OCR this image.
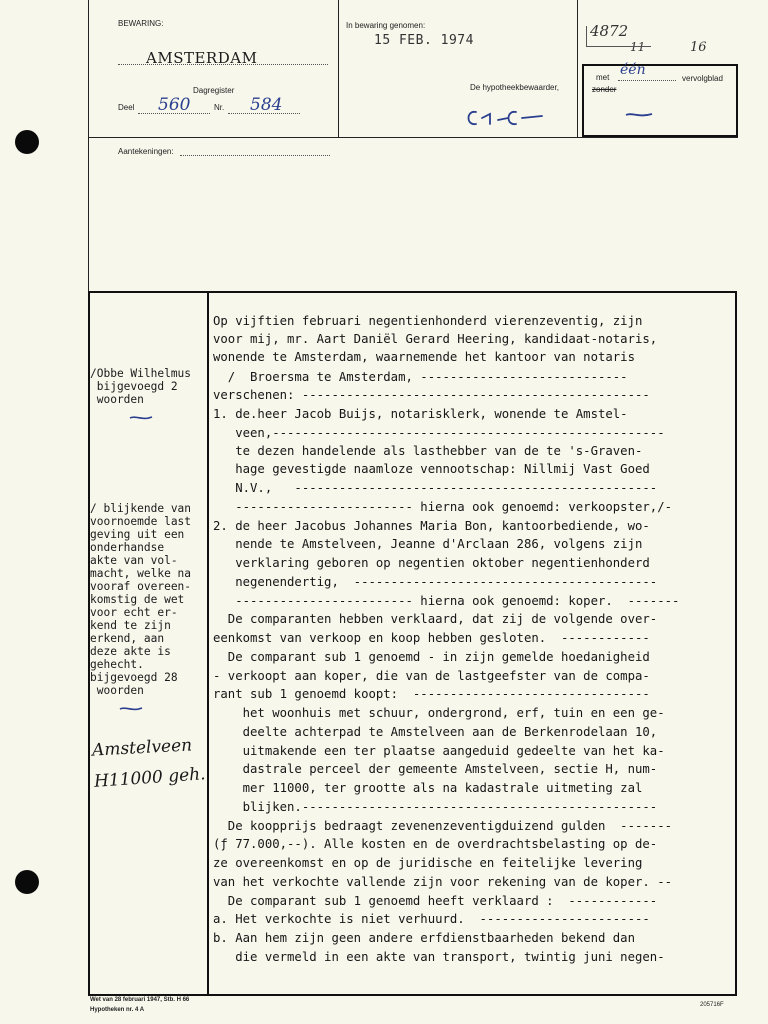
BEWARING:
AMSTERDAM
Dagregister
Deel 560	Nr. 584
In bewaring genomen:
15 FEB. 1974
De hypotheekbewaarder,
4872
11	16
met één
zonder
vervolgblad
Aantekeningen:
/Obbe Wilhelmus
bijgevoegd 2
woorden
/ blijkende van
voornoemde last
geving uit een
onderhandse
akte van vol-
macht, welke na
vooraf overeen-
komstig de wet
voor echt er-
kend te zijn
erkend, aan
deze akte is
gehecht.
bijgevoegd 28
woorden
Amstelveen
H11000 geh.
Op vijftien februari negentienhonderd vierenzeventig, zijn
voor mij, mr. Aart Daniël Gerard Heering, kandidaat-notaris,
wonende te Amsterdam, waarnemende het kantoor van notaris
/  Broersma te Amsterdam, ----------------------------
verschenen: -----------------------------------------------
1. de.heer Jacob Buijs, notarisklerk, wonende te Amstel-
veen,-----------------------------------------------------
te dezen handelende als lasthebber van de te 's-Graven-
hage gevestigde naamloze vennootschap: Nillmij Vast Goed
N.V.,   -------------------------------------------------
------------------------ hierna ook genoemd: verkoopster,/-
2. de heer Jacobus Johannes Maria Bon, kantoorbediende, wo-
nende te Amstelveen, Jeanne d'Arclaan 286, volgens zijn
verklaring geboren op negentien oktober negentienhonderd
negenendertig,  -----------------------------------------
------------------------ hierna ook genoemd: koper.  -------
De comparanten hebben verklaard, dat zij de volgende over-
eenkomst van verkoop en koop hebben gesloten.  ------------
De comparant sub 1 genoemd - in zijn gemelde hoedanigheid
- verkoopt aan koper, die van de lastgeefster van de compa-
rant sub 1 genoemd koopt:  --------------------------------
het woonhuis met schuur, ondergrond, erf, tuin en een ge-
deelte achterpad te Amstelveen aan de Berkenrodelaan 10,
uitmakende een ter plaatse aangeduid gedeelte van het ka-
dastrale perceel der gemeente Amstelveen, sectie H, num-
mer 11000, ter grootte als na kadastrale uitmeting zal
blijken.------------------------------------------------
De koopprijs bedraagt zevenenzeventigduizend gulden  -------
(ƒ 77.000,--). Alle kosten en de overdrachtsbelasting op de-
ze overeenkomst en op de juridische en feitelijke levering
van het verkochte vallende zijn voor rekening van de koper. --
De comparant sub 1 genoemd heeft verklaard :  ------------
a. Het verkochte is niet verhuurd.  -----------------------
b. Aan hem zijn geen andere erfdienstbaarheden bekend dan
die vermeld in een akte van transport, twintig juni negen-
Wet van 28 februari 1947, Stb. H 66
Hypotheken nr. 4 A
205716F
